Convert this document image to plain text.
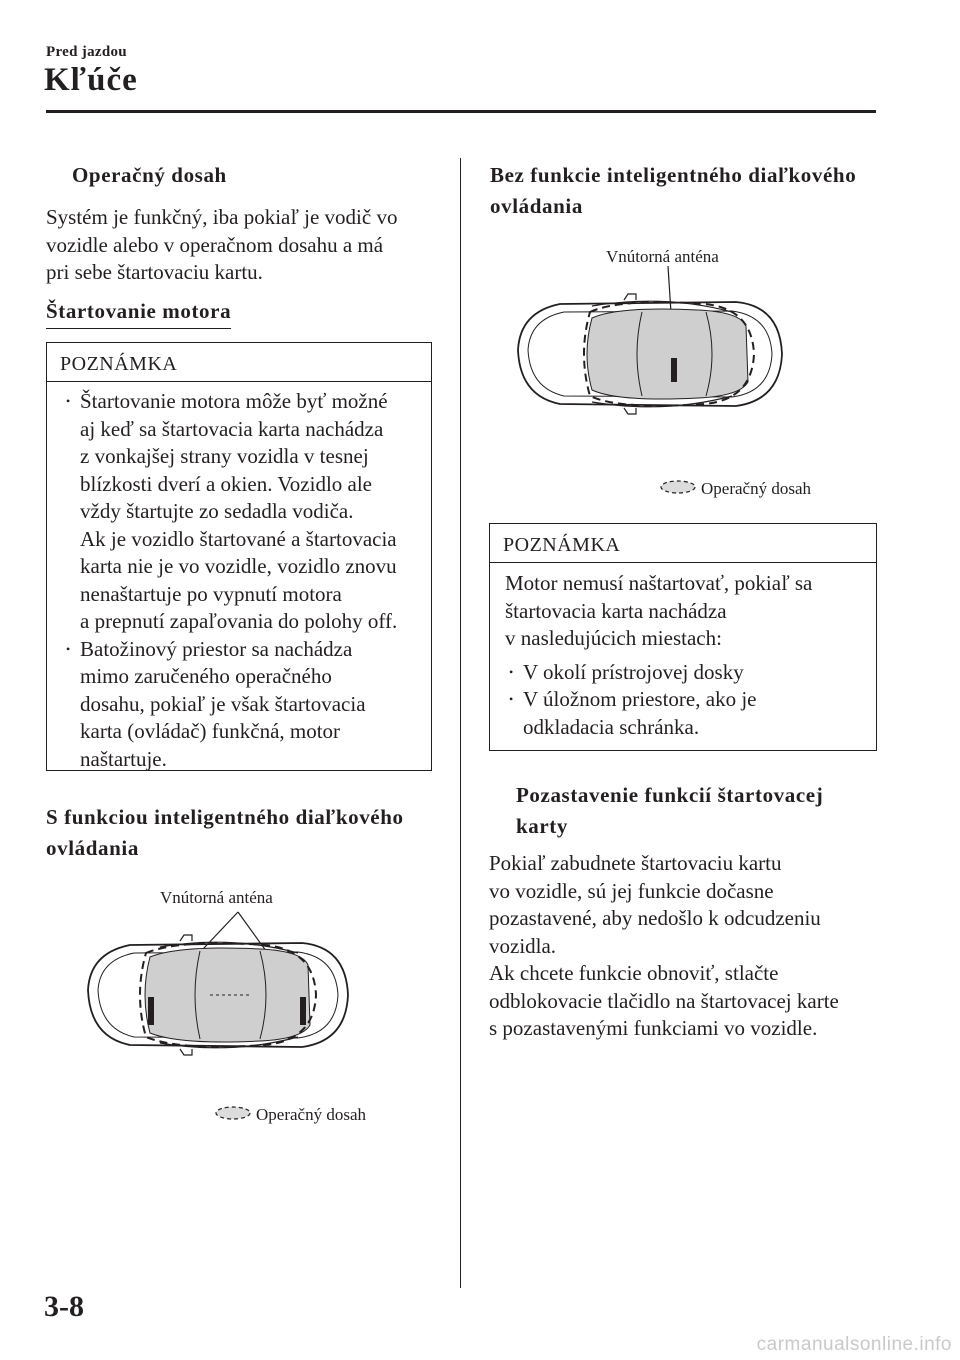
Pred jazdou
Kľúče
Operačný dosah
Systém je funkčný, iba pokiaľ je vodič vo
vozidle alebo v operačnom dosahu a má
pri sebe štartovaciu kartu.
Štartovanie motora
POZNÁMKA
• Štartovanie motora môže byť možné
aj keď sa štartovacia karta nachádza
z vonkajšej strany vozidla v tesnej
blízkosti dverí a okien. Vozidlo ale
vždy štartujte zo sedadla vodiča.
Ak je vozidlo štartované a štartovacia
karta nie je vo vozidle, vozidlo znovu
nenaštartuje po vypnutí motora
a prepnutí zapaľovania do polohy off.
• Batožinový priestor sa nachádza
mimo zaručeného operačného
dosahu, pokiaľ je však štartovacia
karta (ovládač) funkčná, motor
naštartuje.
S funkciou inteligentného diaľkového
ovládania
Vnútorná anténa
Operačný dosah
Bez funkcie inteligentného diaľkového
ovládania
Vnútorná anténa
Operačný dosah
POZNÁMKA
Motor nemusí naštartovať, pokiaľ sa
štartovacia karta nachádza
v nasledujúcich miestach:
• V okolí prístrojovej dosky
• V úložnom priestore, ako je
odkladacia schránka.
Pozastavenie funkcií štartovacej
karty
Pokiaľ zabudnete štartovaciu kartu
vo vozidle, sú jej funkcie dočasne
pozastavené, aby nedošlo k odcudzeniu
vozidla.
Ak chcete funkcie obnoviť, stlačte
odblokovacie tlačidlo na štartovacej karte
s pozastavenými funkciami vo vozidle.
3-8
carmanualsonline.info
